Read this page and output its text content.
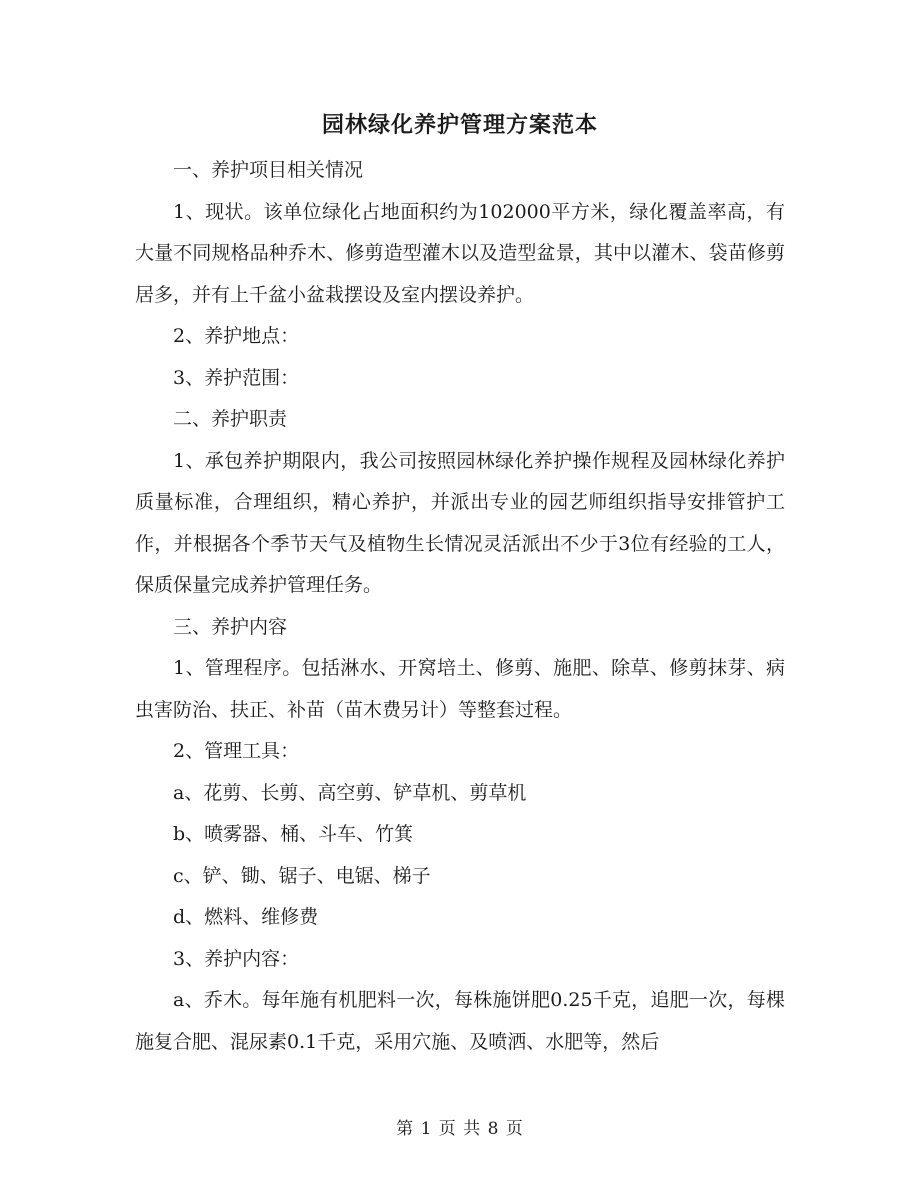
园林绿化养护管理方案范本

一、养护项目相关情况

1、现状。该单位绿化占地面积约为102000平方米，绿化覆盖率高，有大量不同规格品种乔木、修剪造型灌木以及造型盆景，其中以灌木、袋苗修剪居多，并有上千盆小盆栽摆设及室内摆设养护。

2、养护地点：

3、养护范围：

二、养护职责

1、承包养护期限内，我公司按照园林绿化养护操作规程及园林绿化养护质量标准，合理组织，精心养护，并派出专业的园艺师组织指导安排管护工作，并根据各个季节天气及植物生长情况灵活派出不少于3位有经验的工人，保质保量完成养护管理任务。

三、养护内容

1、管理程序。包括淋水、开窝培土、修剪、施肥、除草、修剪抹芽、病虫害防治、扶正、补苗（苗木费另计）等整套过程。

2、管理工具：

a、花剪、长剪、高空剪、铲草机、剪草机

b、喷雾器、桶、斗车、竹箕

c、铲、锄、锯子、电锯、梯子

d、燃料、维修费

3、养护内容：

a、乔木。每年施有机肥料一次，每株施饼肥0.25千克，追肥一次，每棵施复合肥、混尿素0.1千克，采用穴施、及喷洒、水肥等，然后

第 1 页 共 8 页
